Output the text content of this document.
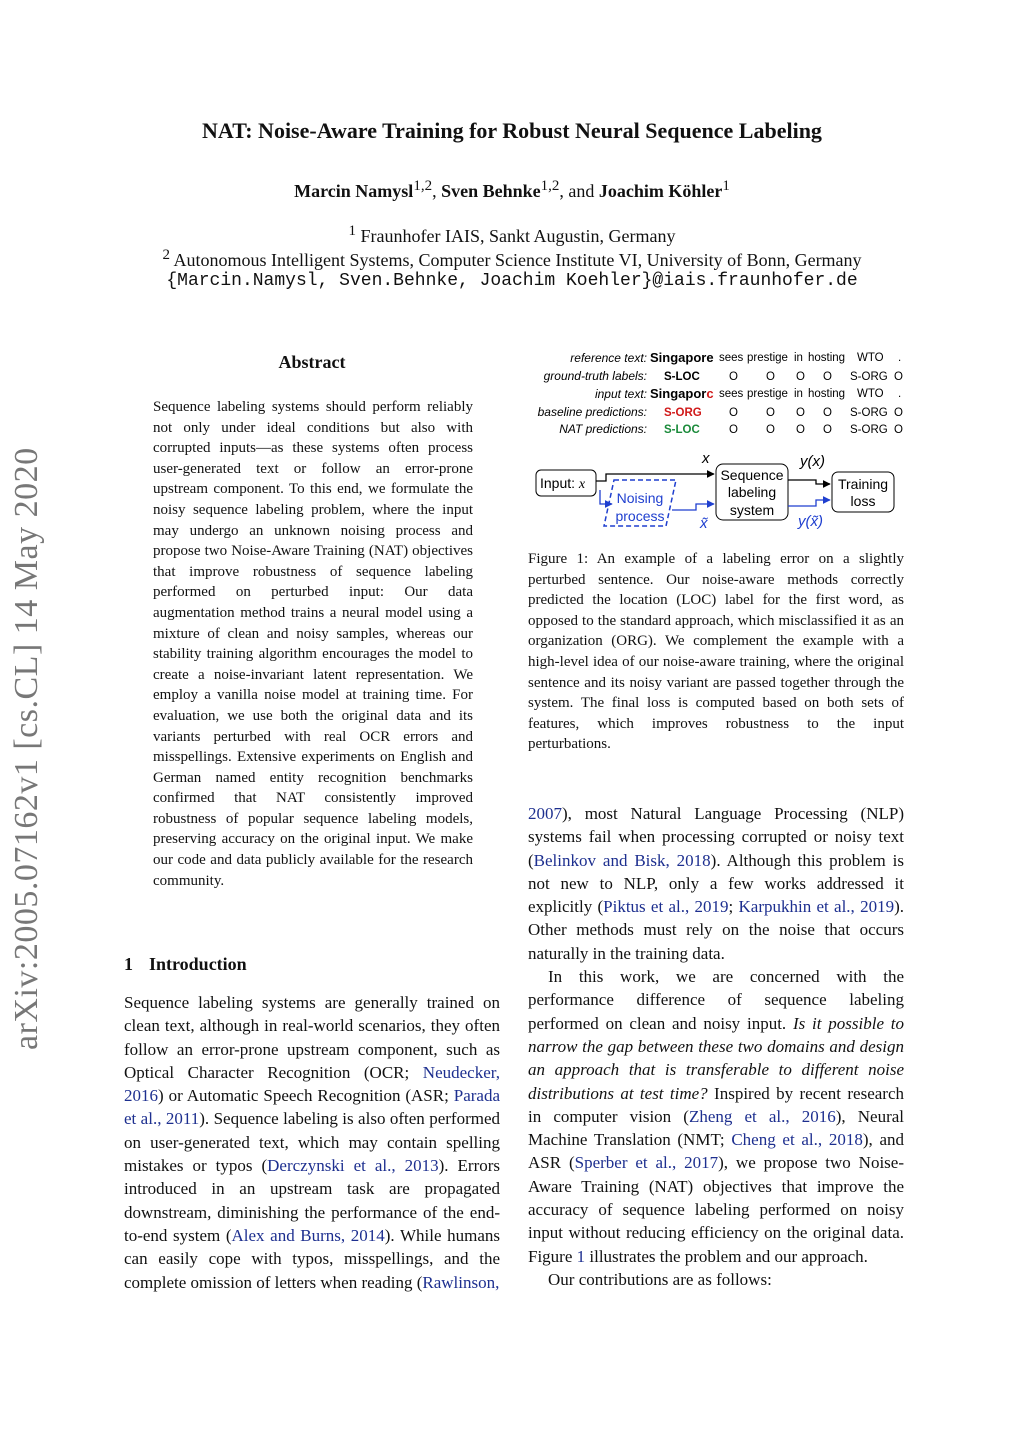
NAT: Noise-Aware Training for Robust Neural Sequence Labeling
Marcin Namysl$^{1,2}$, Sven Behnke$^{1,2}$, and Joachim Köhler$^1$
$^1$ Fraunhofer IAIS, Sankt Augustin, Germany
$^2$ Autonomous Intelligent Systems, Computer Science Institute VI, University of Bonn, Germany
{Marcin.Namysl, Sven.Behnke, Joachim Koehler}@iais.fraunhofer.de
arXiv:2005.07162v1 [cs.CL] 14 May 2020
Abstract
Sequence labeling systems should perform reliably not only under ideal conditions but also with corrupted inputs—as these systems often process user-generated text or follow an error-prone upstream component. To this end, we formulate the noisy sequence labeling problem, where the input may undergo an unknown noising process and propose two Noise-Aware Training (NAT) objectives that improve robustness of sequence labeling performed on perturbed input: Our data augmentation method trains a neural model using a mixture of clean and noisy samples, whereas our stability training algorithm encourages the model to create a noise-invariant latent representation. We employ a vanilla noise model at training time. For evaluation, we use both the original data and its variants perturbed with real OCR errors and misspellings. Extensive experiments on English and German named entity recognition benchmarks confirmed that NAT consistently improved robustness of popular sequence labeling models, preserving accuracy on the original input. We make our code and data publicly available for the research community.
1 Introduction

Sequence labeling systems are generally trained on clean text, although in real-world scenarios, they often follow an error-prone upstream component, such as Optical Character Recognition (OCR; Neudecker, 2016) or Automatic Speech Recognition (ASR; Parada et al., 2011). Sequence labeling is also often performed on user-generated text, which may contain spelling mistakes or typos (Derczynski et al., 2013). Errors introduced in an upstream task are propagated downstream, diminishing the performance of the end-to-end system (Alex and Burns, 2014). While humans can easily cope with typos, misspellings, and the complete omission of letters when reading (Rawlinson,

reference text:
ground-truth labels:
input text:
baseline predictions:
NAT predictions:
Singapore sees prestige in hosting WTO .
S-LOC	O O O O S-ORG O
Singaporc sees prestige in hosting WTO .
S-ORG O O O O S-ORG O
S-LOC	O O O O S-ORG O
Input: x
Sequence
labeling
system
Training
loss
Noising
process
x
x̃
y(x)
y(x̃)
Figure 1: An example of a labeling error on a slightly perturbed sentence. Our noise-aware methods correctly predicted the location (LOC) label for the first word, as opposed to the standard approach, which misclassified it as an organization (ORG). We complement the example with a high-level idea of our noise-aware training, where the original sentence and its noisy variant are passed together through the system. The final loss is computed based on both sets of features, which improves robustness to the input perturbations.

2007), most Natural Language Processing (NLP) systems fail when processing corrupted or noisy text (Belinkov and Bisk, 2018). Although this problem is not new to NLP, only a few works addressed it explicitly (Piktus et al., 2019; Karpukhin et al., 2019). Other methods must rely on the noise that occurs naturally in the training data.

In this work, we are concerned with the performance difference of sequence labeling performed on clean and noisy input. Is it possible to narrow the gap between these two domains and design an approach that is transferable to different noise distributions at test time? Inspired by recent research in computer vision (Zheng et al., 2016), Neural Machine Translation (NMT; Cheng et al., 2018), and ASR (Sperber et al., 2017), we propose two Noise-Aware Training (NAT) objectives that improve the accuracy of sequence labeling performed on noisy input without reducing efficiency on the original data. Figure 1 illustrates the problem and our approach.

Our contributions are as follows:
